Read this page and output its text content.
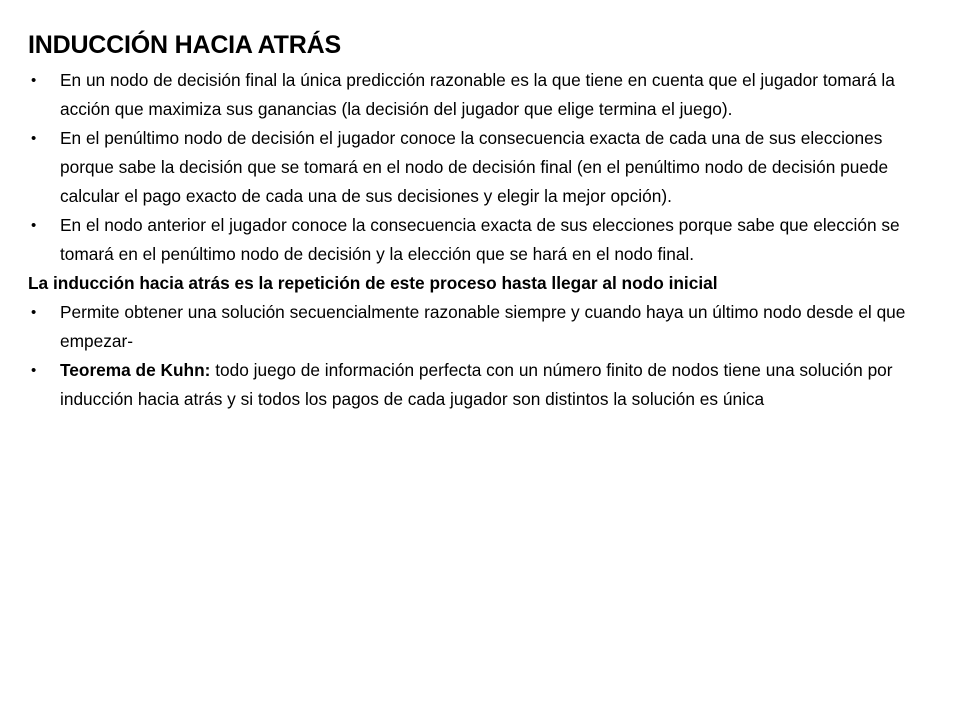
INDUCCIÓN HACIA ATRÁS

• En un nodo de decisión final la única predicción razonable es la que tiene en cuenta que el jugador tomará la acción que maximiza sus ganancias (la decisión del jugador que elige termina el juego).

• En el penúltimo nodo de decisión el jugador conoce la consecuencia exacta de cada una de sus elecciones porque sabe la decisión que se tomará en el nodo de decisión final (en el penúltimo nodo de decisión puede calcular el pago exacto de cada una de sus decisiones y elegir la mejor opción).

• En el nodo anterior el jugador conoce la consecuencia exacta de sus elecciones porque sabe que elección se tomará en el penúltimo nodo de decisión y la elección que se hará en el nodo final.

La inducción hacia atrás es la repetición de este proceso hasta llegar al nodo inicial

• Permite obtener una solución secuencialmente razonable siempre y cuando haya un último nodo desde el que empezar-

• Teorema de Kuhn: todo juego de información perfecta con un número finito de nodos tiene una solución por inducción hacia atrás y si todos los pagos de cada jugador son distintos la solución es única
